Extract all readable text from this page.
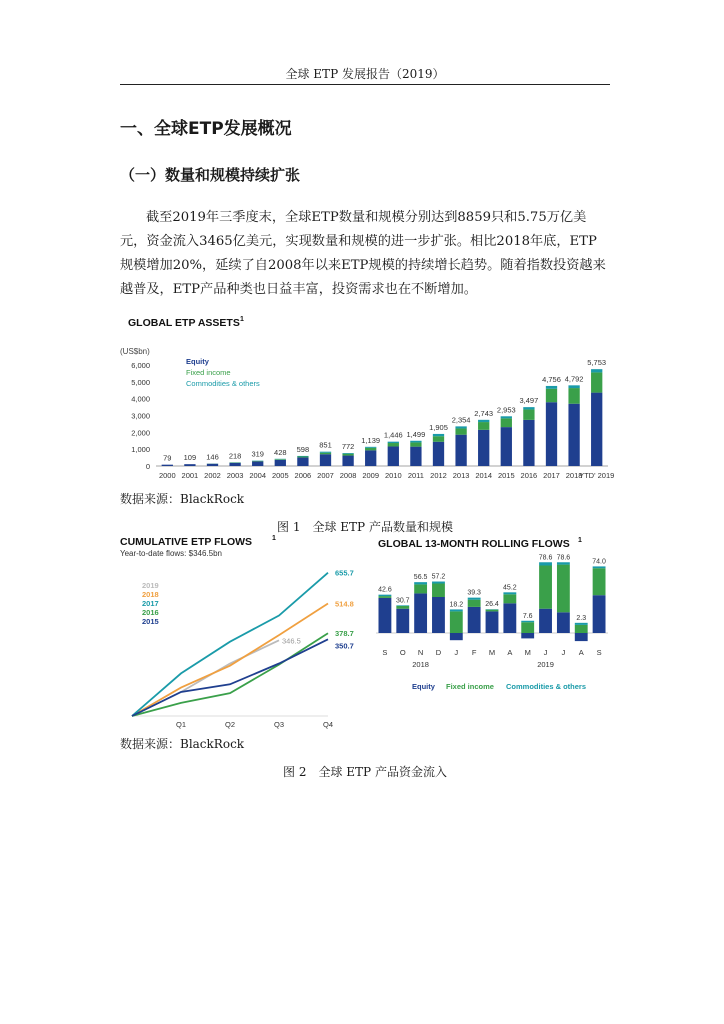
全球 ETP 发展报告（2019）
一、全球ETP发展概况
（一）数量和规模持续扩张
截至2019年三季度末，全球ETP数量和规模分别达到8859只和5.75万亿美元，资金流入3465亿美元，实现数量和规模的进一步扩张。相比2018年底，ETP规模增加20%，延续了自2008年以来ETP规模的持续增长趋势。随着指数投资越来越普及，ETP产品种类也日益丰富，投资需求也在不断增加。
GLOBAL ETP ASSETS
(US$bn)
Equity
Fixed income
Commodities & others
0
1,000
2,000
3,000
4,000
5,000
6,000
79 109 146 218 319 428 598 851 772
1,139
1,446 1,499
1,905
2,354
2,743 2,953
3,497
4,756 4,792
5,753
2000 2001 2002 2003 2004 2005 2006 2007 2008 2009 2010 2011 2012 2013 2014 2015 2016 2017 2018
YTD' 2019
1
数据来源：BlackRock
图 1　全球 ETP 产品数量和规模
CUMULATIVE ETP FLOWS
Year-to-date flows: $346.5bn
2019
2018
2017
2016
2015
346.5
514.8
655.7
378.7
350.7
Q1	Q2	Q3	Q4
1	GLOBAL 13-MONTH ROLLING FLOWS
42.6
30.7
56.5 57.2
18.2
39.3
26.4
45.2
7.6
78.6 78.6
2.3
74.0
S O N D J F M A M J J A S
2018	2019
Equity Fixed income Commodities & others
1
数据来源：BlackRock
图 2　全球 ETP 产品资金流入
